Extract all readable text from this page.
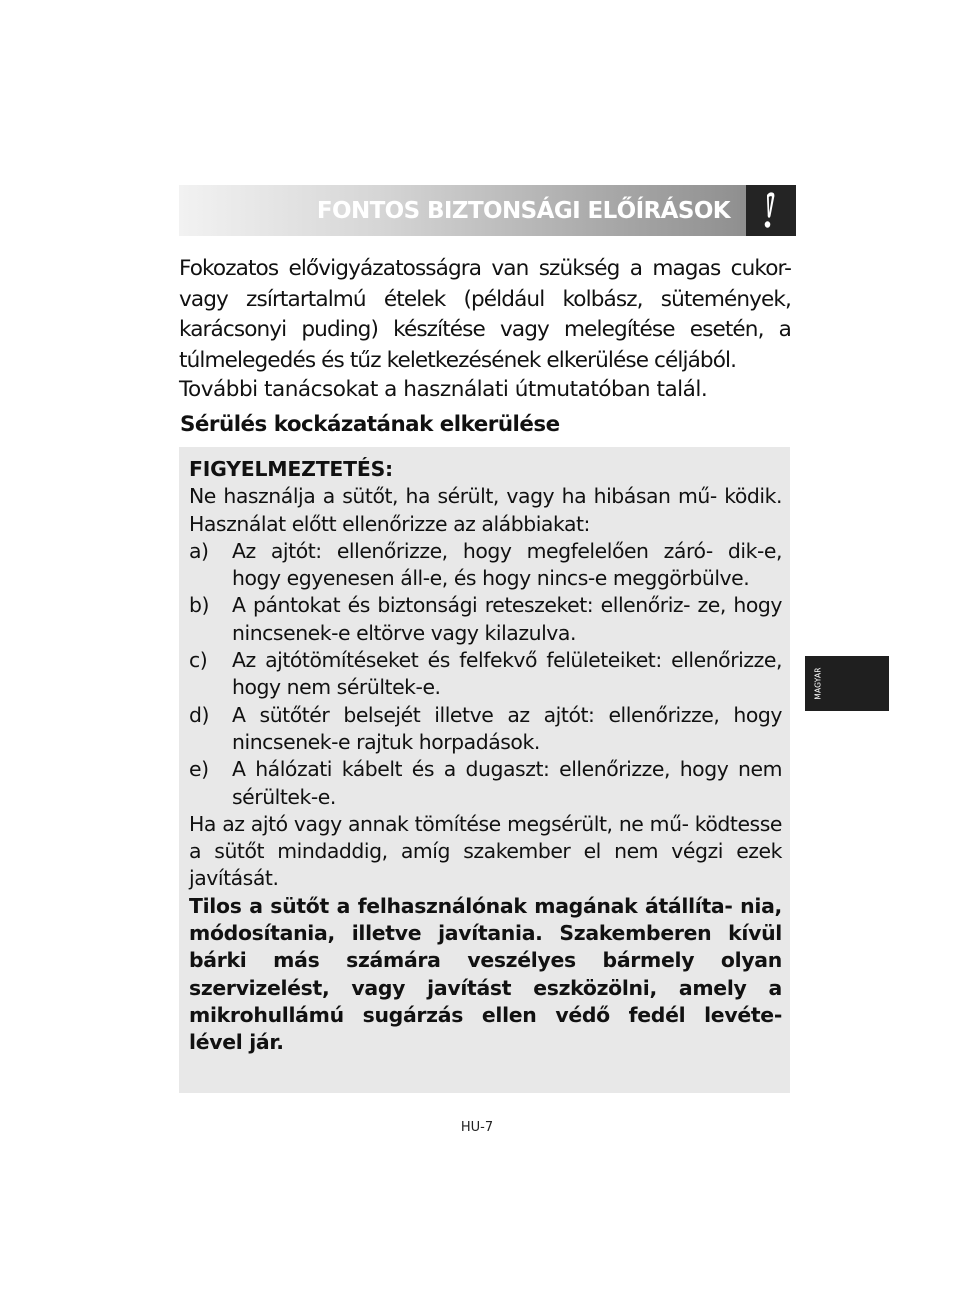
FONTOS BIZTONSÁGI ELŐÍRÁSOK

Fokozatos elővigyázatosságra van szükség a magas cukor- vagy zsírtartalmú ételek (például kolbász, sütemények, karácsonyi puding) készítése vagy melegítése esetén, a túlmelegedés és tűz keletkezésének elkerülése céljából.

További tanácsokat a használati útmutatóban talál.

Sérülés kockázatának elkerülése

FIGYELMEZTETÉS:

Ne használja a sütőt, ha sérült, vagy ha hibásan mű- ködik. Használat előtt ellenőrizze az alábbiakat:

a) Az ajtót: ellenőrizze, hogy megfelelően záró- dik-e, hogy egyenesen áll-e, és hogy nincs-e meggörbülve.
b) A pántokat és biztonsági reteszeket: ellenőriz- ze, hogy nincsenek-e eltörve vagy kilazulva.
c) Az ajtótömítéseket és felfekvő felületeiket: ellenőrizze, hogy nem sérültek-e.
d) A sütőtér belsejét illetve az ajtót: ellenőrizze, hogy nincsenek-e rajtuk horpadások.
e) A hálózati kábelt és a dugaszt: ellenőrizze, hogy nem sérültek-e.

Ha az ajtó vagy annak tömítése megsérült, ne mű- ködtesse a sütőt mindaddig, amíg szakember el nem végzi ezek javítását.

Tilos a sütőt a felhasználónak magának átállíta- nia, módosítania, illetve javítania. Szakemberen kívül bárki más számára veszélyes bármely olyan szervizelést, vagy javítást eszközölni, amely a mikrohullámú sugárzás ellen védő fedél levéte- lével jár.

MAGYAR
HU-7
